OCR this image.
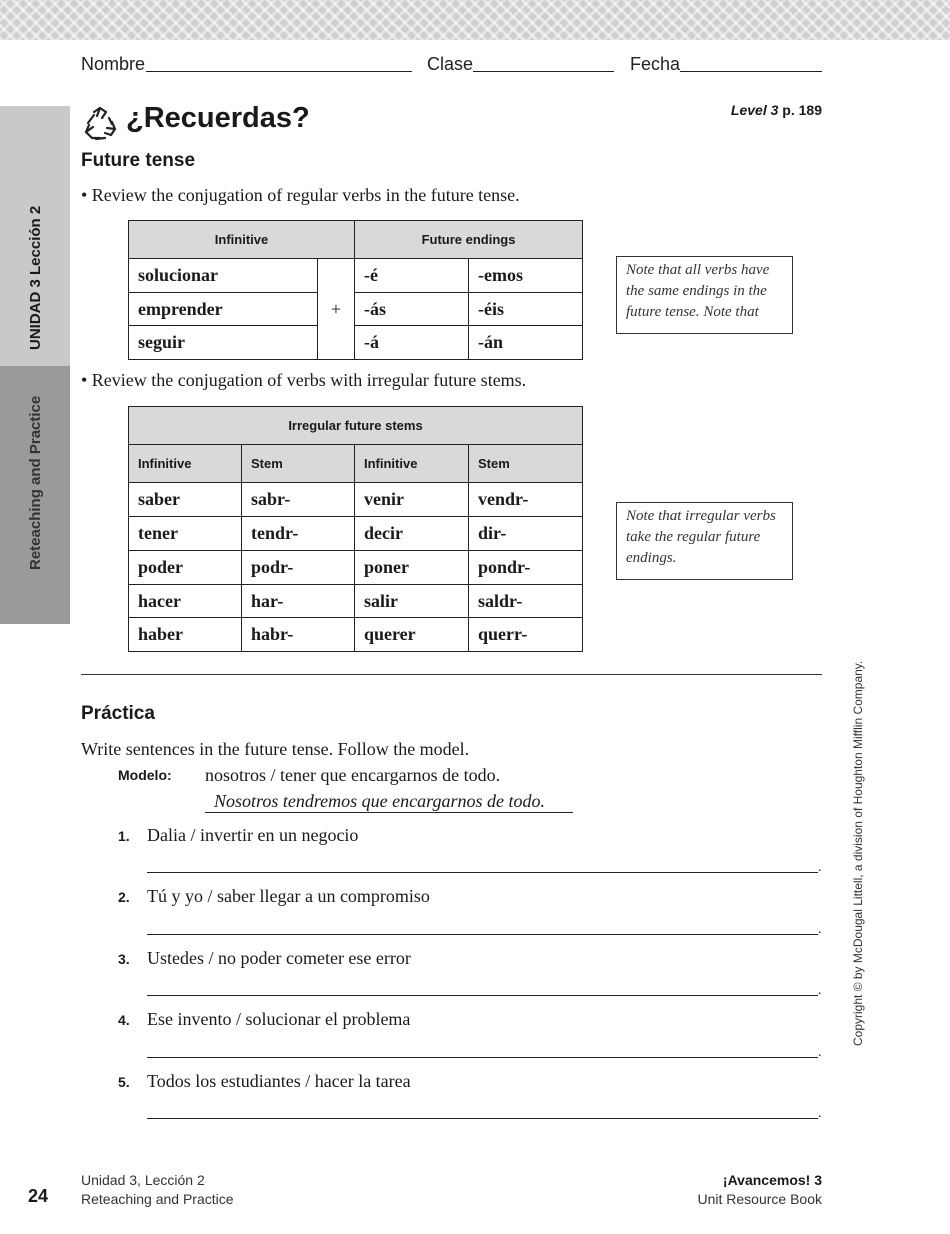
Nombre	Clase	Fecha
UNIDAD 3 Lección 2
Reteaching and Practice
¿Recuerdas?	Level 3 p. 189
Future tense
• Review the conjugation of regular verbs in the future tense.
Infinitive		Future endings	
solucionar	+	-é	-emos
emprender		-ás	-éis
seguir		-á	-án
Note that all verbs have the same endings in the future tense. Note that
• Review the conjugation of verbs with irregular future stems.
Irregular future stems			
Infinitive	Stem	Infinitive	Stem
saber	sabr-	venir	vendr-
tener	tendr-	decir	dir-
poder	podr-	poner	pondr-
hacer	har-	salir	saldr-
haber	habr-	querer	querr-
Note that irregular verbs take the regular future endings.
Práctica
Write sentences in the future tense. Follow the model.
Modelo: nosotros / tener que encargarnos de todo.
Nosotros tendremos que encargarnos de todo.
1. Dalia / invertir en un negocio
.
2. Tú y yo / saber llegar a un compromiso
.
3. Ustedes / no poder cometer ese error
.
4. Ese invento / solucionar el problema
.
5. Todos los estudiantes / hacer la tarea
.
Copyright © by McDougal Littell, a division of Houghton Mifflin Company.
24
Unidad 3, Lección 2
Reteaching and Practice
¡Avancemos! 3
Unit Resource Book
